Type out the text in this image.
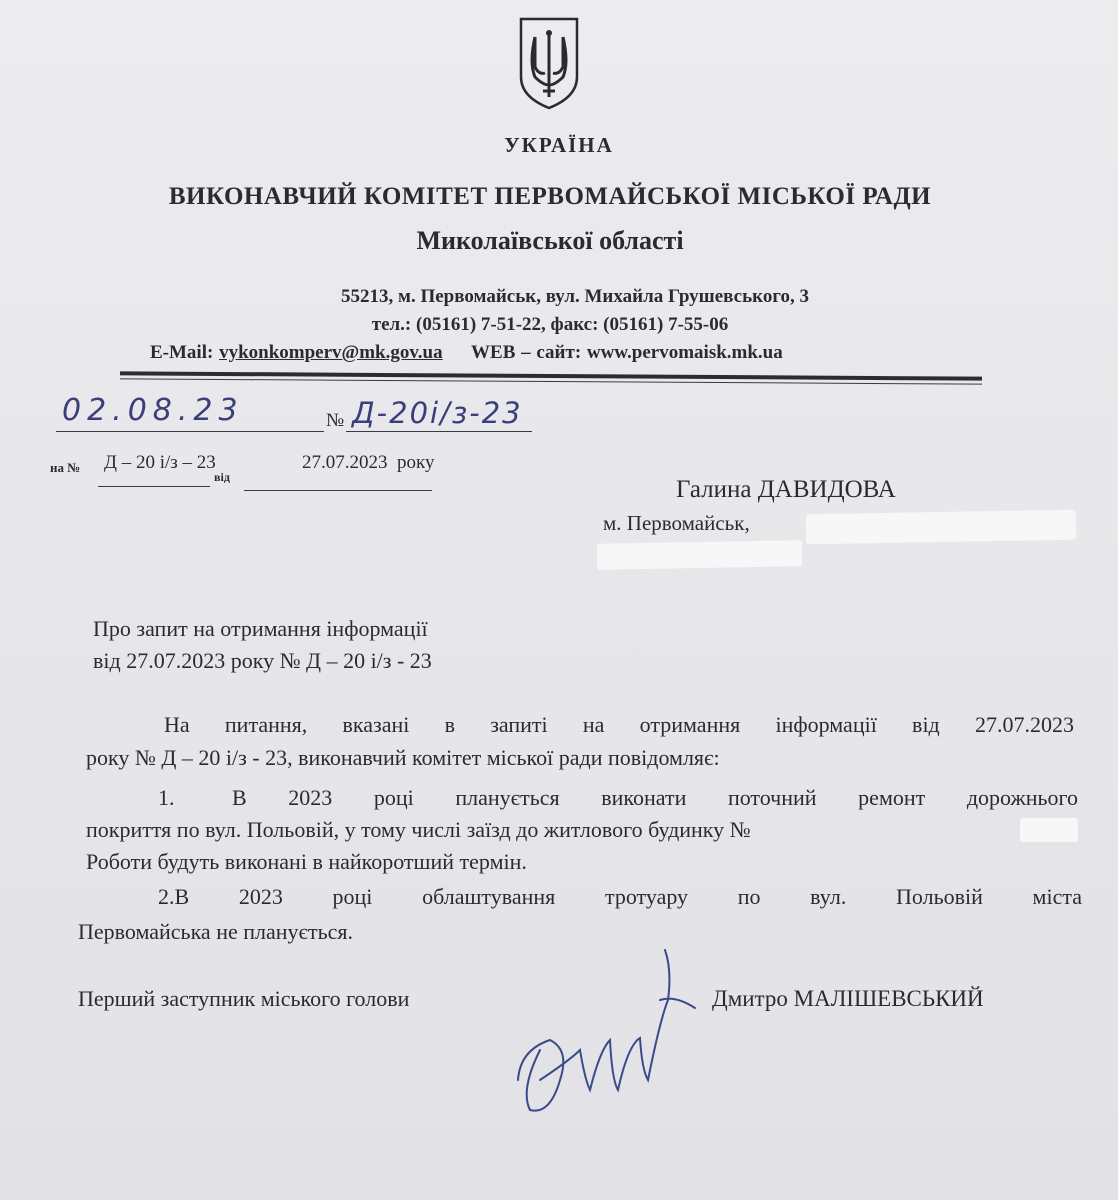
УКРАЇНА
ВИКОНАВЧИЙ КОМІТЕТ ПЕРВОМАЙСЬКОЇ МІСЬКОЇ РАДИ
Миколаївської області
55213, м. Первомайськ, вул. Михайла Грушевського, 3
тел.: (05161) 7-51-22, факс: (05161) 7-55-06
E-Mail: vykonkomperv@mk.gov.ua WEB – сайт: www.pervomaisk.mk.ua
02.08.23	№ Д-20і/з-23
на № Д – 20 і/з – 23
від
27.07.2023 року
Галина ДАВИДОВА
м. Первомайськ,
Про запит на отримання інформації
від 27.07.2023 року № Д – 20 і/з - 23
На питання, вказані в запиті на отримання інформації від 27.07.2023
року № Д – 20 і/з - 23, виконавчий комітет міської ради повідомляє:
1.	В 2023 році планується виконати поточний ремонт дорожнього
покриття по вул. Польовій, у тому числі заїзд до житлового будинку №
Роботи будуть виконані в найкоротший термін.
2.В 2023 році облаштування тротуару по вул. Польовій міста
Первомайська не планується.
Перший заступник міського голови	Дмитро МАЛІШЕВСЬКИЙ
